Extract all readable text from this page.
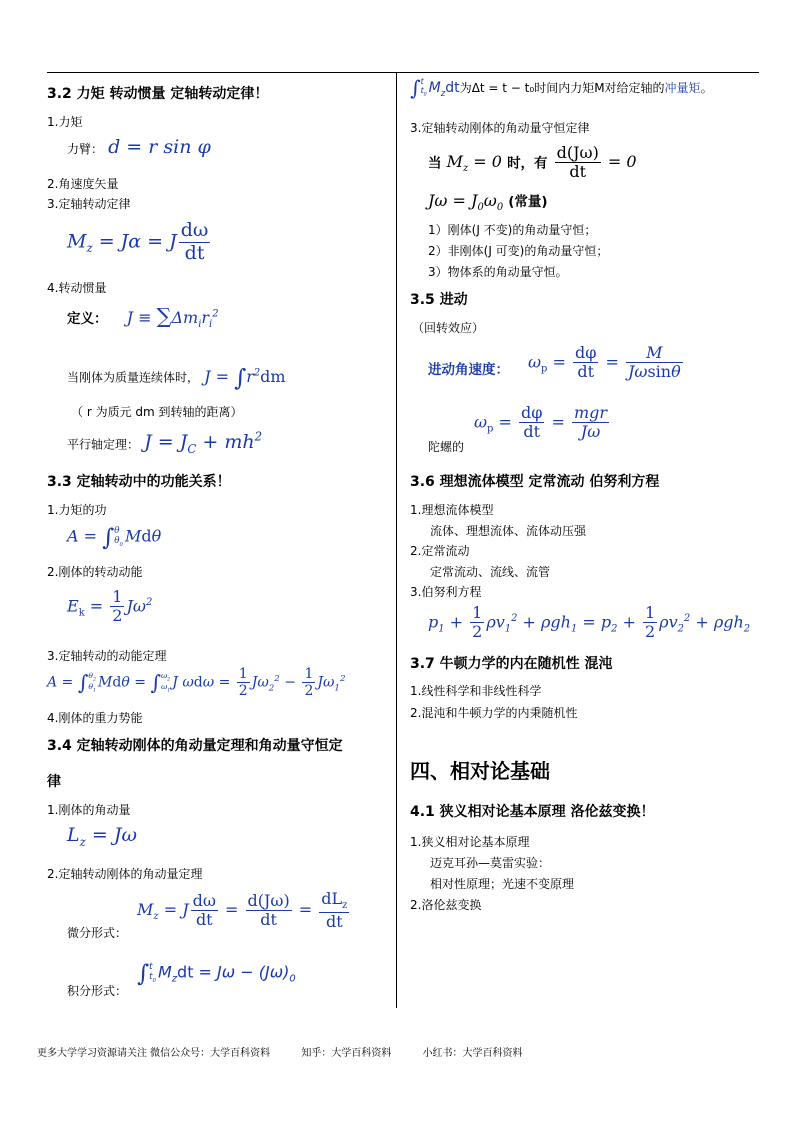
3.2 力矩 转动惯量 定轴转动定律！
1.力矩
力臂： d = r sin φ
2.角速度矢量
3.定轴转动定律
$M_z = J\alpha = J \frac{d\omega}{dt}$
4.转动惯量
定义： $J \equiv \sum\Delta m_ir_i^2$
当刚体为质量连续体时， $J = \int r^2dm$
（ r 为质元 dm 到转轴的距离）
平行轴定理： $J = J_C + mh^2$
3.3 定轴转动中的功能关系！
1.力矩的功
A = ∫ θ
$\theta_0$ Mdθ
2.刚体的转动动能
$E_k = \frac{1}{2} J\omega^2$
3.定轴转动的动能定理
A = ∫ $\theta_2$
$\theta_1$
Mdθ = ∫ $\omega_2$
$\omega_1$
J $\omega d\omega = \frac{1}{2} J\omega_2^2 - \frac{1}{2} J\omega_1^2$
4.刚体的重力势能
3.4 定轴转动刚体的角动量定理和角动量守恒定
律
1.刚体的角动量
$L_z = J\omega$
2.定轴转动刚体的角动量定理
微分形式：
$M_z = J \frac{d\omega}{dt} = \frac{d(J\omega)}{dt} = \frac{dL_z}{dt}$
积分形式：
∫ t
$t_0$ $M_zdt = J\omega - (J\omega)_0$
∫ t
$t_0$ $M_zdt$为Δt = t − t₀时间内力矩M对给定轴的冲量矩。
3.定轴转动刚体的角动量守恒定律
当 $M_z = 0$ 时，有 $\frac{d(J\omega)}{dt} = 0$
$J\omega = J_0\omega_0$ (常量)
1）刚体(J 不变)的角动量守恒；
2）非刚体(J 可变)的角动量守恒；
3）物体系的角动量守恒。
3.5 进动
（回转效应）
进动角速度： $\omega_p = \frac{d\varphi}{dt} = \frac{M}{J\omega\sin\theta}$
陀螺的
$\omega_p = \frac{d\varphi}{dt} = \frac{\text{mgr}}{J\omega}$
3.6 理想流体模型 定常流动 伯努利方程
1.理想流体模型
流体、理想流体、流体动压强
2.定常流动
定常流动、流线、流管
3.伯努利方程
$p_1 + \frac{1}{2} \rho v_1^2 + \rho gh_1 = p_2 + \frac{1}{2} \rho v_2^2 + \rho gh_2$
3.7 牛顿力学的内在随机性 混沌
1.线性科学和非线性科学
2.混沌和牛顿力学的内秉随机性
四、相对论基础
4.1 狭义相对论基本原理 洛伦兹变换！
1.狭义相对论基本原理
迈克耳孙—莫雷实验：
相对性原理；光速不变原理
2.洛伦兹变换
更多大学学习资源请关注 微信公众号：大学百科资料	知乎：大学百科资料	小红书：大学百科资料
